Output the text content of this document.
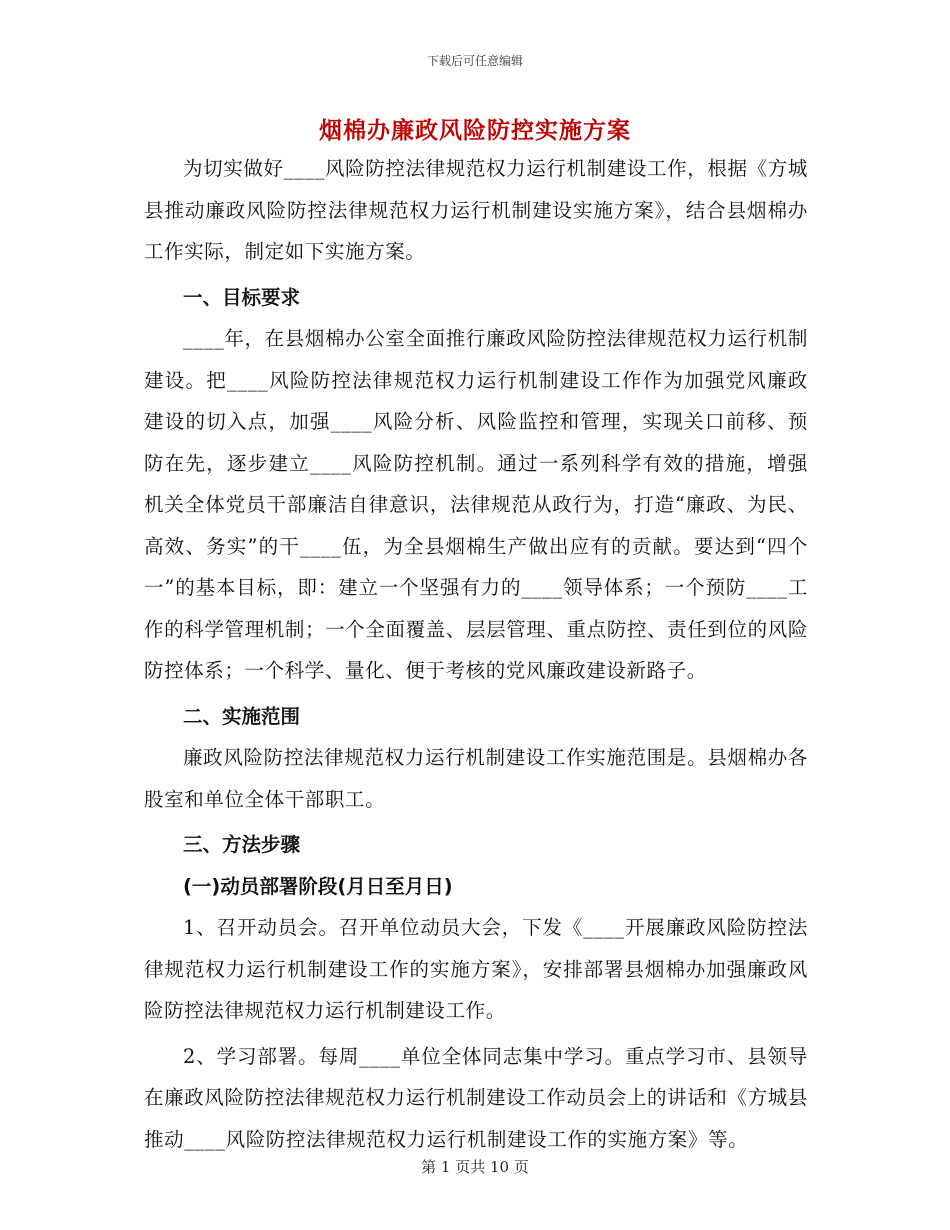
下载后可任意编辑
烟棉办廉政风险防控实施方案

为切实做好____风险防控法律规范权力运行机制建设工作，根据《方城县推动廉政风险防控法律规范权力运行机制建设实施方案》，结合县烟棉办工作实际，制定如下实施方案。

一、目标要求

____年，在县烟棉办公室全面推行廉政风险防控法律规范权力运行机制建设。把____风险防控法律规范权力运行机制建设工作作为加强党风廉政建设的切入点，加强____风险分析、风险监控和管理，实现关口前移、预防在先，逐步建立____风险防控机制。通过一系列科学有效的措施，增强机关全体党员干部廉洁自律意识，法律规范从政行为，打造“廉政、为民、高效、务实”的干____伍，为全县烟棉生产做出应有的贡献。要达到“四个一”的基本目标，即：建立一个坚强有力的____领导体系；一个预防____工作的科学管理机制；一个全面覆盖、层层管理、重点防控、责任到位的风险防控体系；一个科学、量化、便于考核的党风廉政建设新路子。

二、实施范围

廉政风险防控法律规范权力运行机制建设工作实施范围是。县烟棉办各股室和单位全体干部职工。

三、方法步骤

(一)动员部署阶段(月日至月日)

1、召开动员会。召开单位动员大会，下发《____开展廉政风险防控法律规范权力运行机制建设工作的实施方案》，安排部署县烟棉办加强廉政风险防控法律规范权力运行机制建设工作。

2、学习部署。每周____单位全体同志集中学习。重点学习市、县领导在廉政风险防控法律规范权力运行机制建设工作动员会上的讲话和《方城县推动____风险防控法律规范权力运行机制建设工作的实施方案》等。

第 1 页共 10 页
